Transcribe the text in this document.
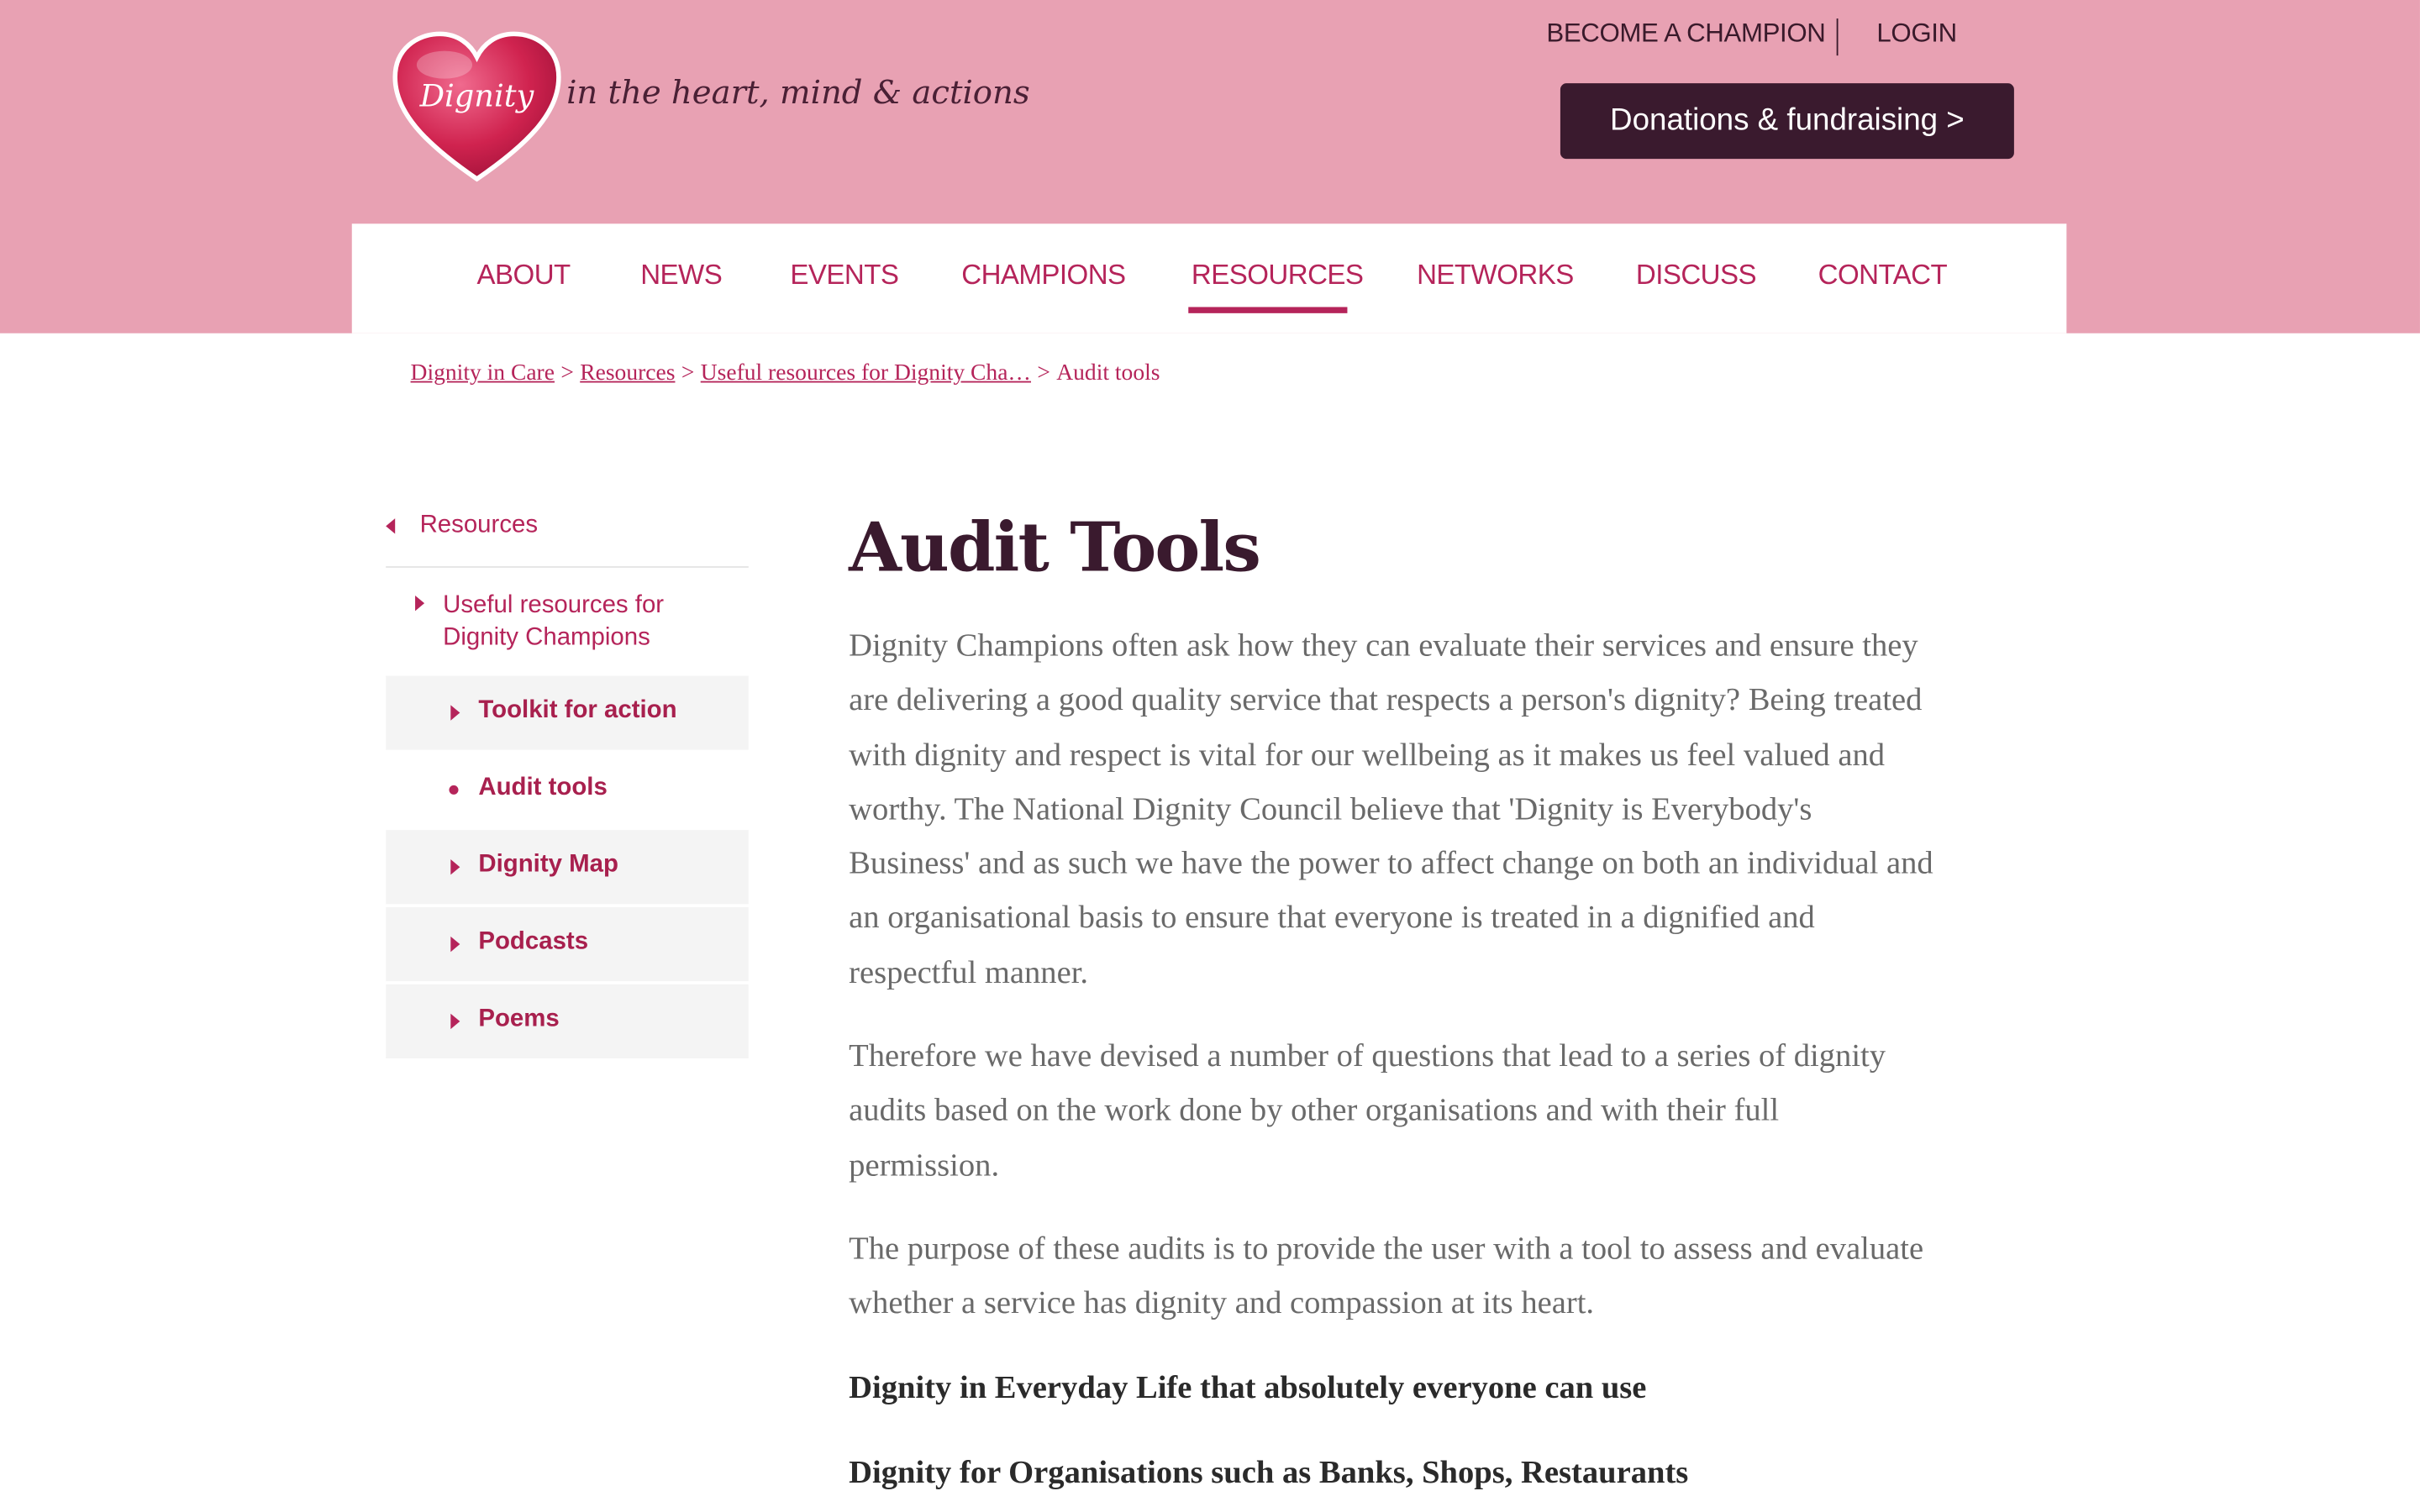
Dignity in the heart, mind & actions
BECOME A CHAMPION	LOGIN
Donations & fundraising >
ABOUT	NEWS	EVENTS	CHAMPIONS	RESOURCES	NETWORKS	DISCUSS	CONTACT
Dignity in Care > Resources > Useful resources for Dignity Cha… > Audit tools
Resources
Useful resources for Dignity Champions
Toolkit for action
Audit tools
Dignity Map
Podcasts
Poems
Audit Tools

Dignity Champions often ask how they can evaluate their services and ensure they are delivering a good quality service that respects a person's dignity? Being treated with dignity and respect is vital for our wellbeing as it makes us feel valued and worthy. The National Dignity Council believe that 'Dignity is Everybody's Business' and as such we have the power to affect change on both an individual and an organisational basis to ensure that everyone is treated in a dignified and respectful manner.

Therefore we have devised a number of questions that lead to a series of dignity audits based on the work done by other organisations and with their full permission.

The purpose of these audits is to provide the user with a tool to assess and evaluate whether a service has dignity and compassion at its heart.

Dignity in Everyday Life that absolutely everyone can use
Dignity for Organisations such as Banks, Shops, Restaurants
